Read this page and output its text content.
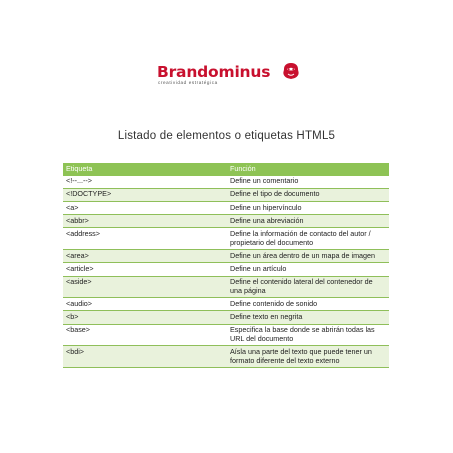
Brandominus
creatividad estratégica
Listado de elementos o etiquetas HTML5
Etiqueta	Función
<!--...-->	Define un comentario
<!DOCTYPE>	Define el tipo de documento
<a>	Define un hipervínculo
<abbr>	Define una abreviación
<address>	Define la información de contacto del autor / propietario del documento
<area>	Define un área dentro de un mapa de imagen
<article>	Define un artículo
<aside>	Define el contenido lateral del contenedor de una página
<audio>	Define contenido de sonido
<b>	Define texto en negrita
<base>	Especifica la base donde se abrirán todas las URL del documento
<bdi>	Aísla una parte del texto que puede tener un formato diferente del texto externo
